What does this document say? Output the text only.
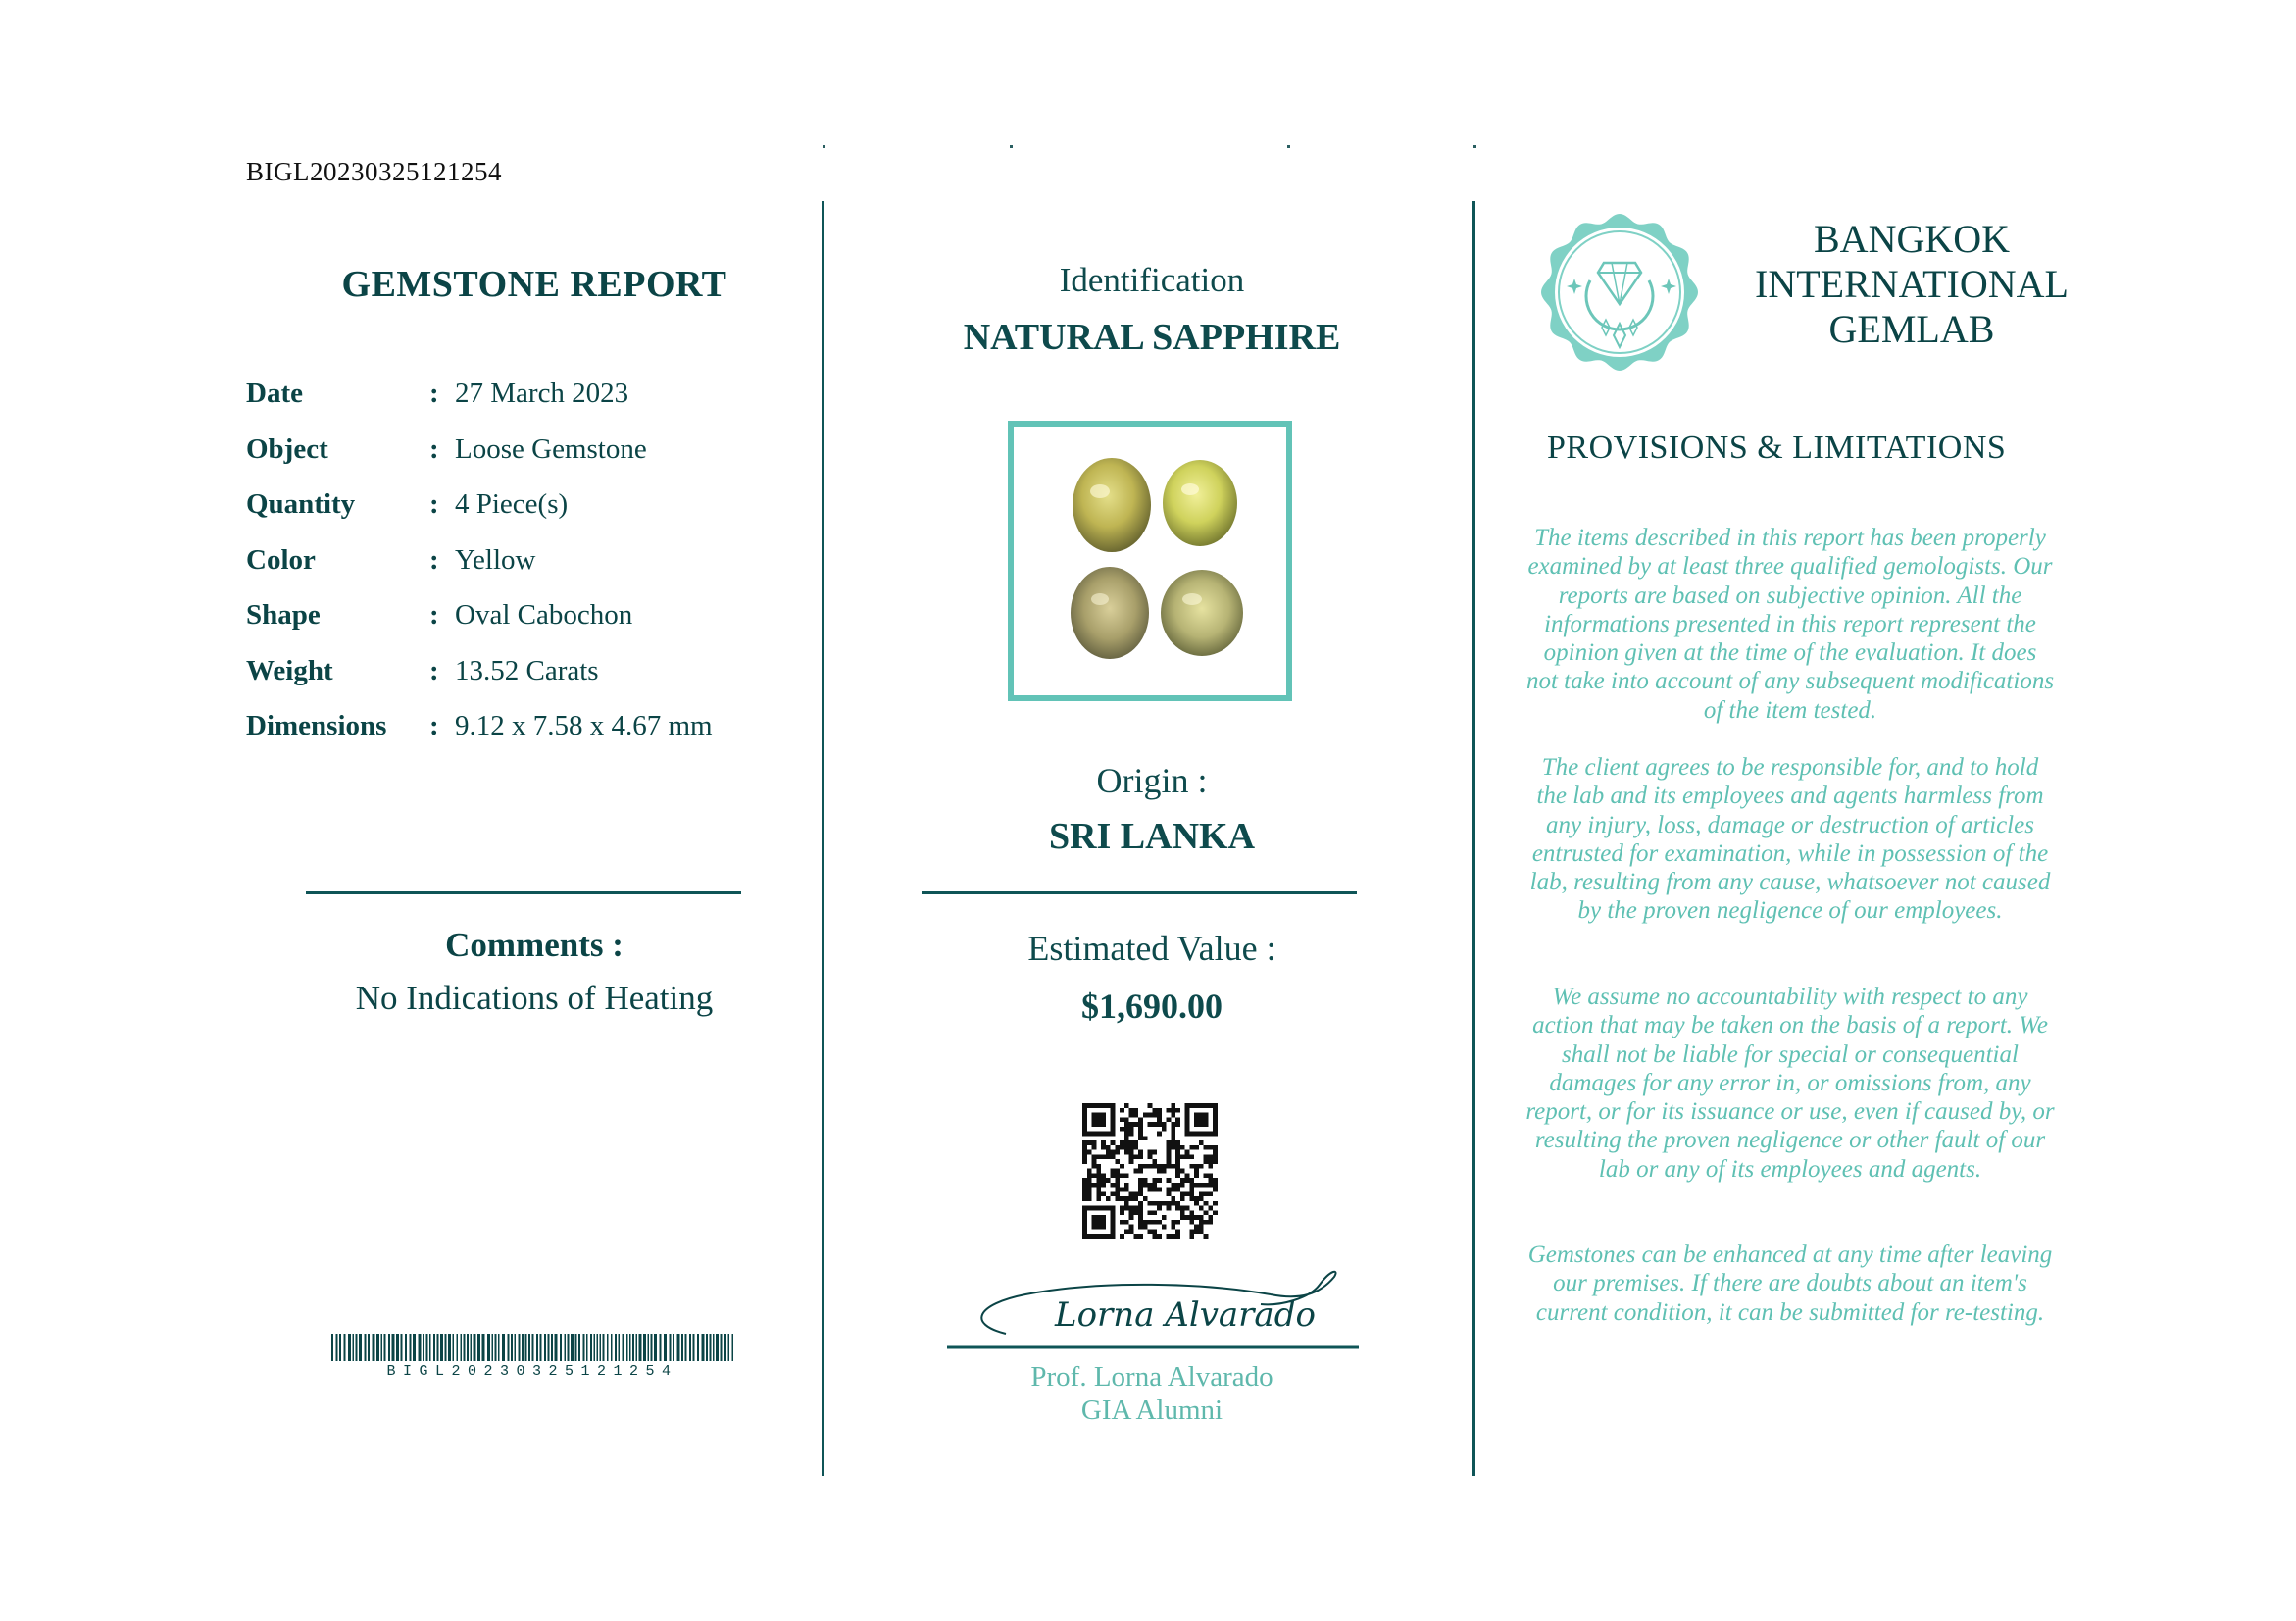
BIGL20230325121254
GEMSTONE REPORT
Date	: 27 March 2023
Object	: Loose Gemstone
Quantity	: 4 Piece(s)
Color	: Yellow
Shape	: Oval Cabochon
Weight	: 13.52 Carats
Dimensions : 9.12 x 7.58 x 4.67 mm
Comments :
No Indications of Heating
BIGL20230325121254
Identification
NATURAL SAPPHIRE
Origin :
SRI LANKA
Estimated Value :
$1,690.00
Lorna Alvarado
Prof. Lorna Alvarado
GIA Alumni
BANGKOK
INTERNATIONAL
GEMLAB
PROVISIONS & LIMITATIONS
The items described in this report has been properly examined by at least three qualified gemologists. Our reports are based on subjective opinion. All the informations presented in this report represent the opinion given at the time of the evaluation. It does not take into account of any subsequent modifications of the item tested.
The client agrees to be responsible for, and to hold the lab and its employees and agents harmless from any injury, loss, damage or destruction of articles entrusted for examination, while in possession of the lab, resulting from any cause, whatsoever not caused by the proven negligence of our employees.
We assume no accountability with respect to any action that may be taken on the basis of a report. We shall not be liable for special or consequential damages for any error in, or omissions from, any report, or for its issuance or use, even if caused by, or resulting the proven negligence or other fault of our lab or any of its employees and agents.
Gemstones can be enhanced at any time after leaving our premises. If there are doubts about an item's current condition, it can be submitted for re-testing.
